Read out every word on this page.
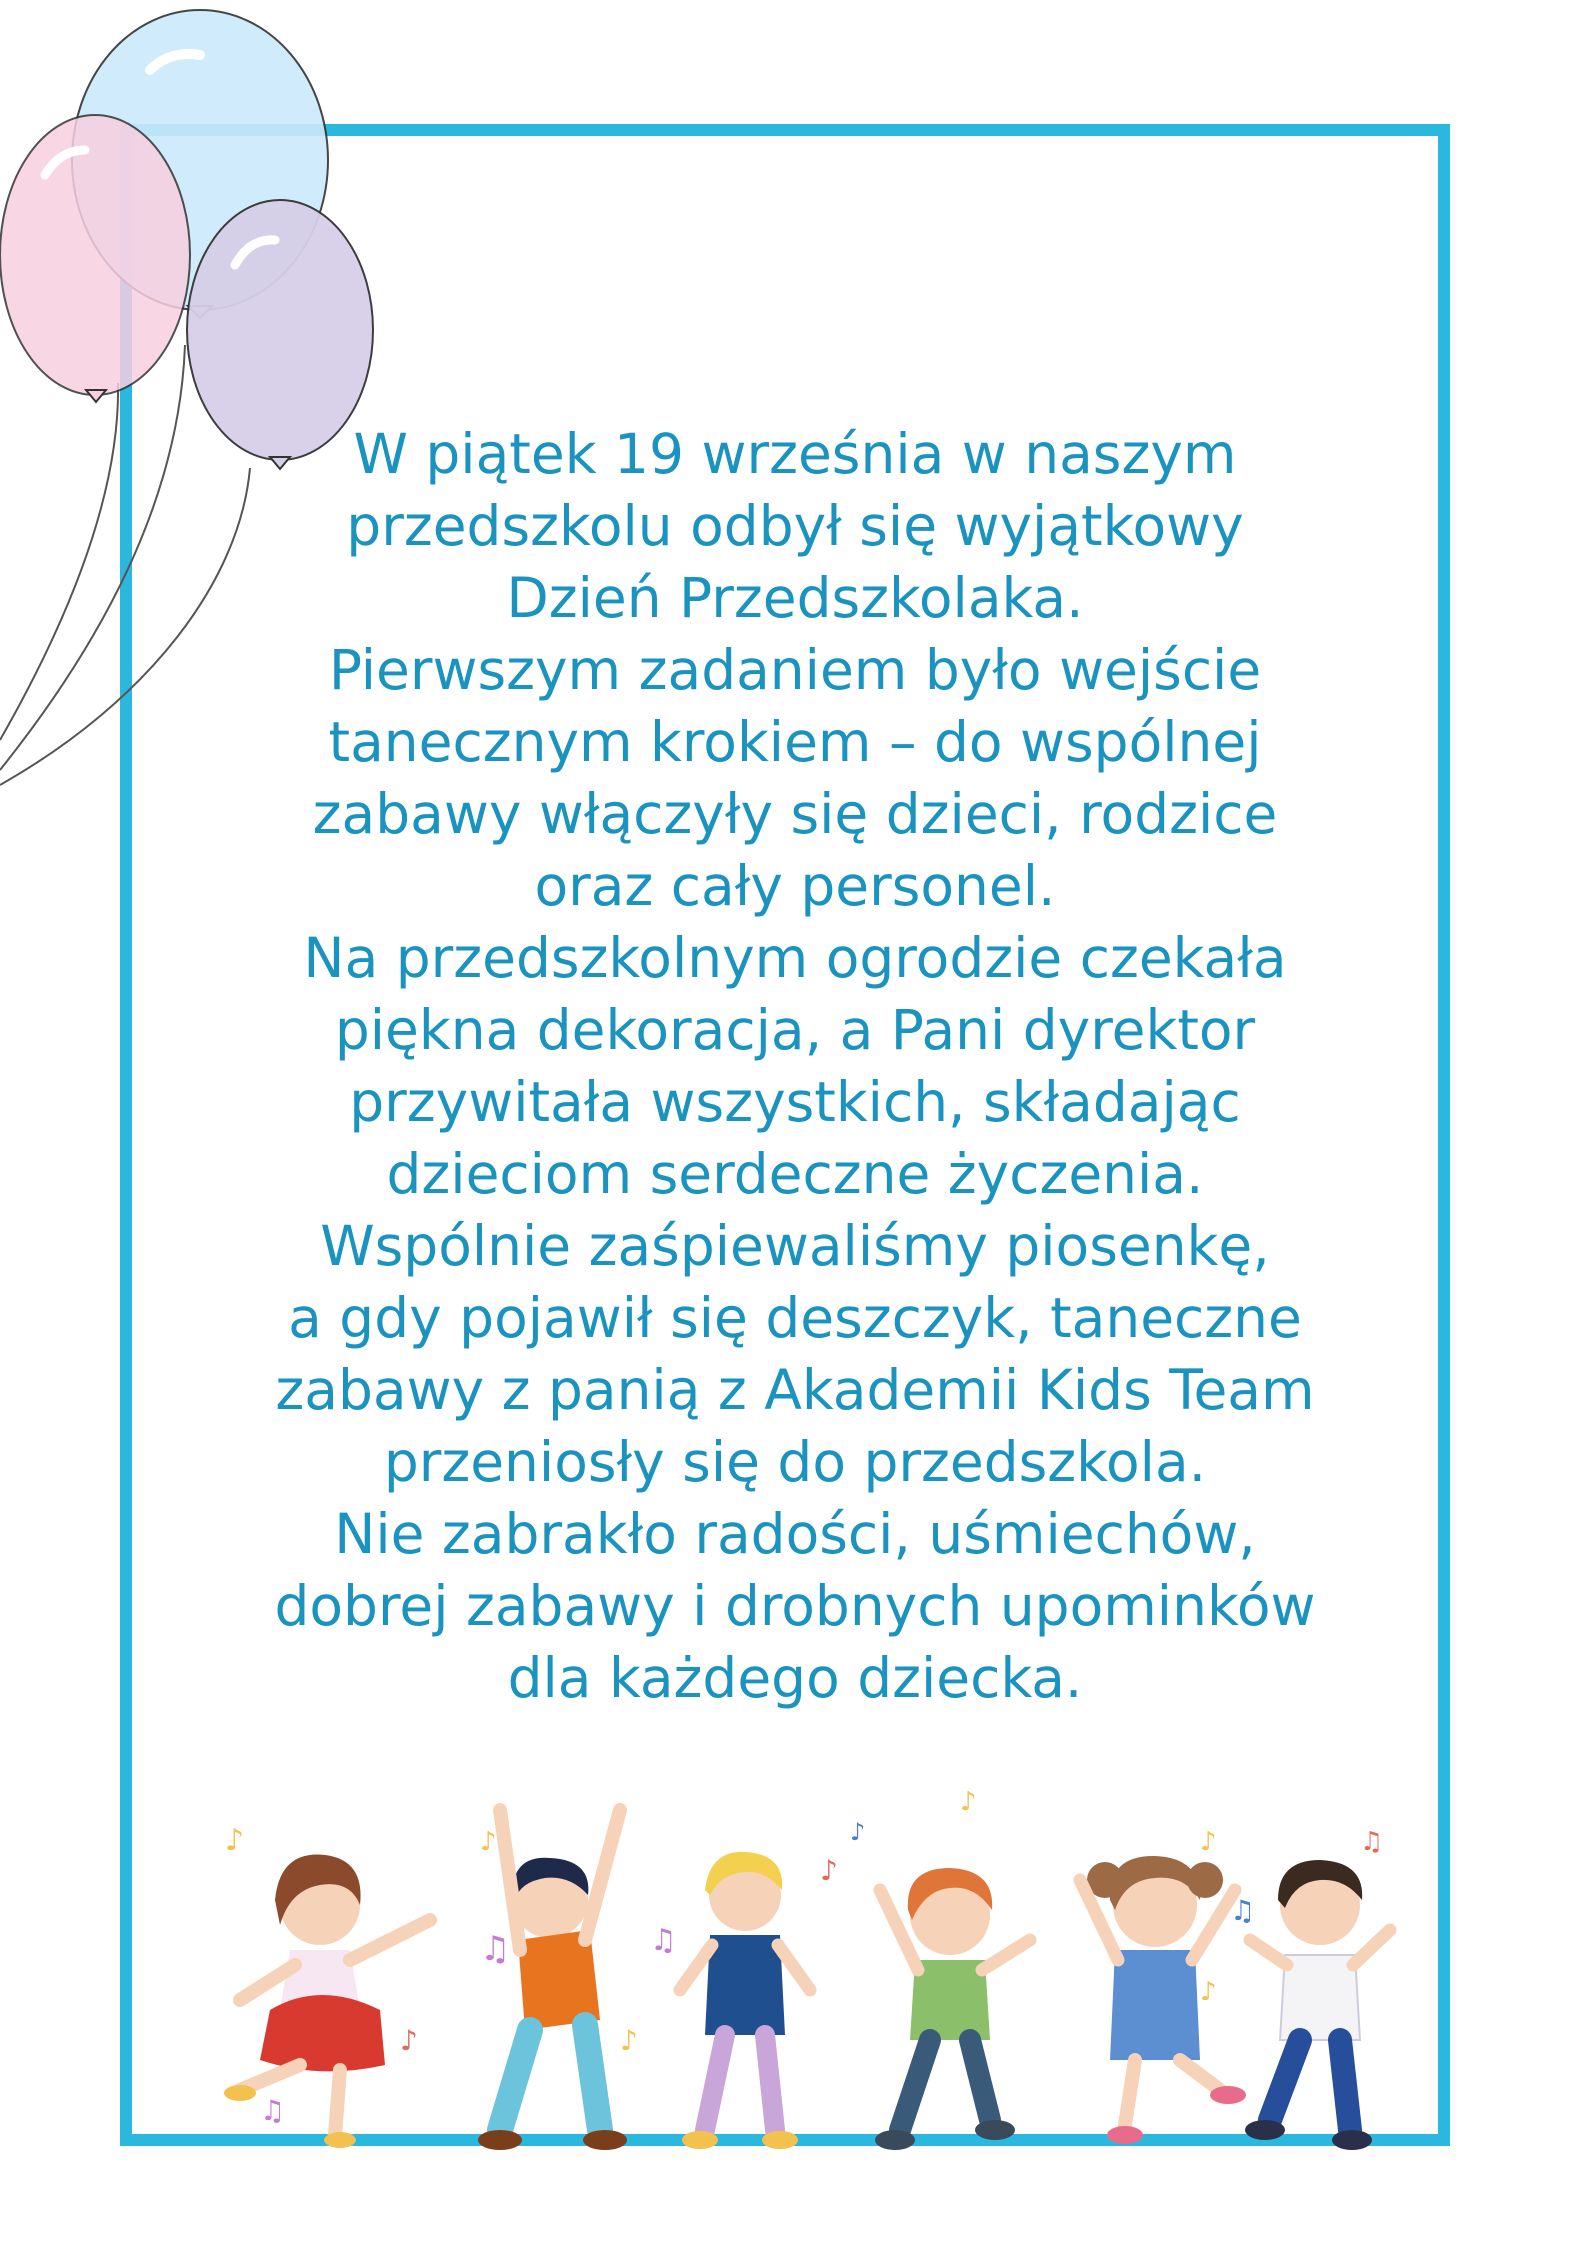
W piątek 19 września w naszym
przedszkolu odbył się wyjątkowy
Dzień Przedszkolaka.

Pierwszym zadaniem było wejście
tanecznym krokiem – do wspólnej
zabawy włączyły się dzieci, rodzice
oraz cały personel.

Na przedszkolnym ogrodzie czekała
piękna dekoracja, a Pani dyrektor
przywitała wszystkich, składając
dzieciom serdeczne życzenia.

Wspólnie zaśpiewaliśmy piosenkę,
a gdy pojawił się deszczyk, taneczne
zabawy z panią z Akademii Kids Team
przeniosły się do przedszkola.

Nie zabrakło radości, uśmiechów,
dobrej zabawy i drobnych upominków
dla każdego dziecka.

♪	♪
♪
♪
♪
♪
♫	♫
♫
♪
♫
♪
♪
♫
